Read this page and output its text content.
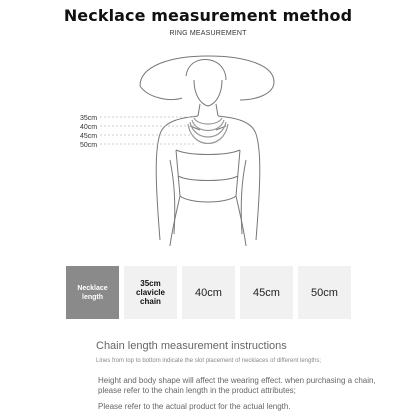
Necklace measurement method
RING MEASUREMENT
35cm
40cm
45cm
50cm
Necklace length
35cm clavicle chain
40cm	45cm	50cm
Chain length measurement instructions
Lines from top to bottom indicate the slot placement of necklaces of different lengths;
Height and body shape will affect the wearing effect. when purchasing a chain, please refer to the chain length in the product attributes;
Please refer to the actual product for the actual length.
